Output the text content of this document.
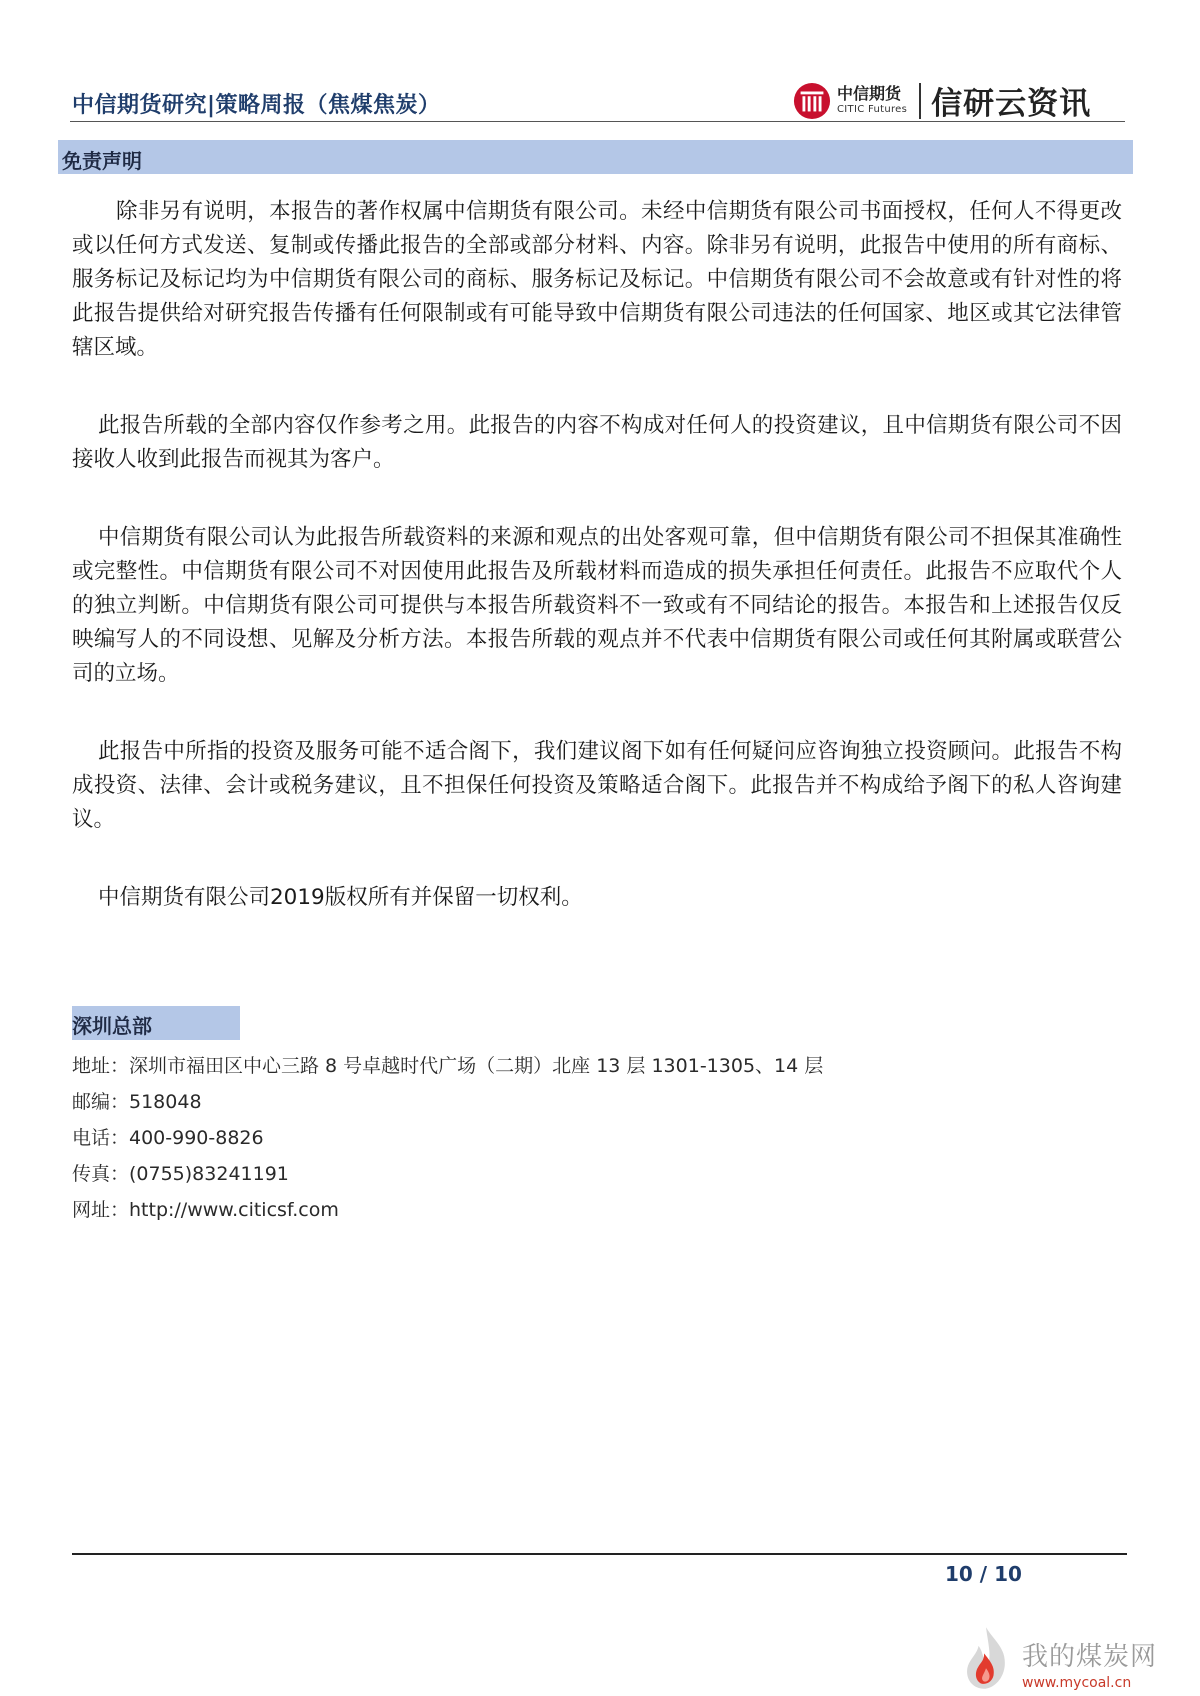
中信期货研究|策略周报（焦煤焦炭）	中信期货
CITIC Futures 信研云资讯
免责声明

除非另有说明，本报告的著作权属中信期货有限公司。未经中信期货有限公司书面授权，任何人不得更改或以任何方式发送、复制或传播此报告的全部或部分材料、内容。除非另有说明，此报告中使用的所有商标、服务标记及标记均为中信期货有限公司的商标、服务标记及标记。中信期货有限公司不会故意或有针对性的将此报告提供给对研究报告传播有任何限制或有可能导致中信期货有限公司违法的任何国家、地区或其它法律管辖区域。

此报告所载的全部内容仅作参考之用。此报告的内容不构成对任何人的投资建议，且中信期货有限公司不因接收人收到此报告而视其为客户。

中信期货有限公司认为此报告所载资料的来源和观点的出处客观可靠，但中信期货有限公司不担保其准确性或完整性。中信期货有限公司不对因使用此报告及所载材料而造成的损失承担任何责任。此报告不应取代个人的独立判断。中信期货有限公司可提供与本报告所载资料不一致或有不同结论的报告。本报告和上述报告仅反映编写人的不同设想、见解及分析方法。本报告所载的观点并不代表中信期货有限公司或任何其附属或联营公司的立场。

此报告中所指的投资及服务可能不适合阁下，我们建议阁下如有任何疑问应咨询独立投资顾问。此报告不构成投资、法律、会计或税务建议，且不担保任何投资及策略适合阁下。此报告并不构成给予阁下的私人咨询建议。

中信期货有限公司2019版权所有并保留一切权利。

深圳总部
地址：深圳市福田区中心三路 8 号卓越时代广场（二期）北座 13 层 1301-1305、14 层
邮编：518048
电话：400-990-8826
传真：(0755)83241191
网址：http://www.citicsf.com
10 / 10
我的煤炭网
www.mycoal.cn
